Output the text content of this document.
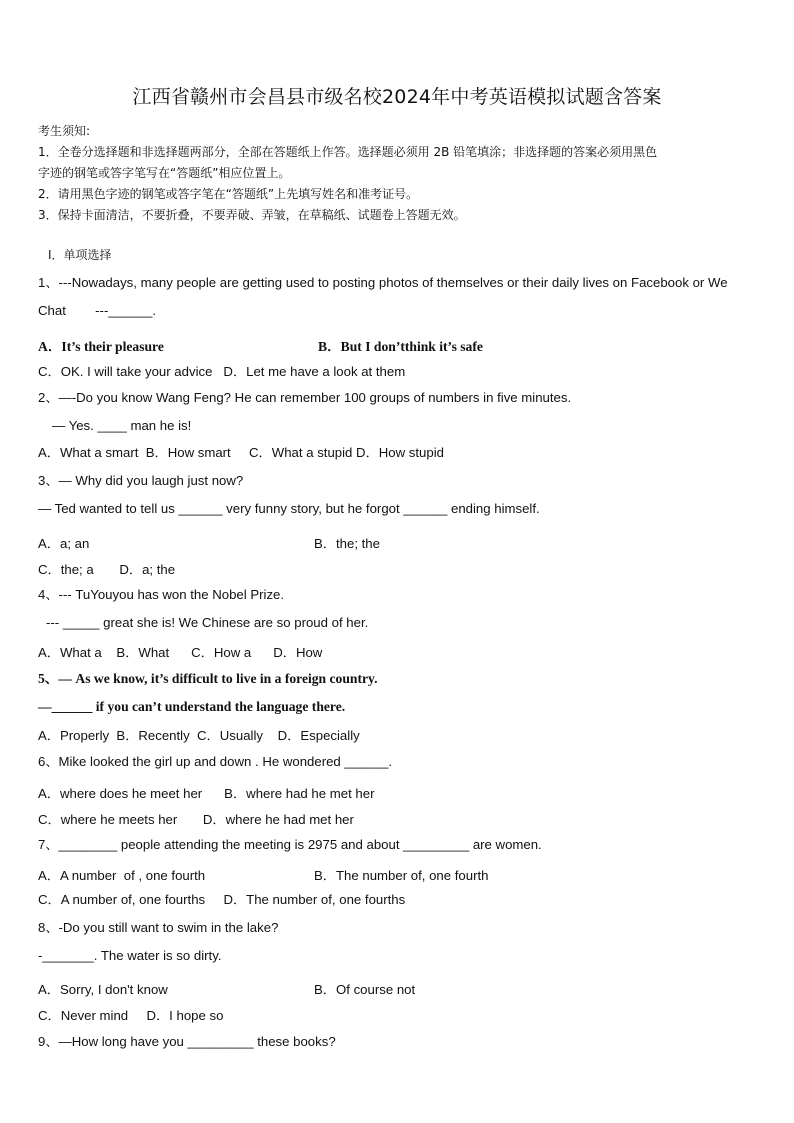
江西省赣州市会昌县市级名校2024年中考英语模拟试题含答案
考生须知:
1．全卷分选择题和非选择题两部分，全部在答题纸上作答。选择题必须用 2B 铅笔填涂；非选择题的答案必须用黑色
字迹的钢笔或答字笔写在“答题纸”相应位置上。
2．请用黑色字迹的钢笔或答字笔在“答题纸”上先填写姓名和准考证号。
3．保持卡面清洁，不要折叠，不要弄破、弄皱，在草稿纸、试题卷上答题无效。
Ⅰ．单项选择
1、---Nowadays, many people are getting used to posting photos of themselves or their daily lives on Facebook or We
Chat        ---______.
A．It’s their pleasure	B．But I don’tthink it’s safe
C．OK. I will take your advice   D．Let me have a look at them
2、—-Do you know Wang Feng? He can remember 100 groups of numbers in five minutes.
— Yes. ____ man he is!
A．What a smart  B．How smart     C．What a stupid D．How stupid
3、— Why did you laugh just now?
— Ted wanted to tell us ______ very funny story, but he forgot ______ ending himself.
A．a; an	B．the; the
C．the; a       D．a; the
4、--- TuYouyou has won the Nobel Prize.
--- _____ great she is! We Chinese are so proud of her.
A．What a    B．What      C．How a      D．How
5、— As we know, it’s difficult to live in a foreign country.
—______ if you can’t understand the language there.
A．Properly  B．Recently  C．Usually    D．Especially
6、Mike looked the girl up and down . He wondered ______.
A．where does he meet her      B．where had he met her
C．where he meets her       D．where he had met her
7、________ people attending the meeting is 2975 and about _________ are women.
A．A number  of , one fourth	B．The number of, one fourth
C．A number of, one fourths     D．The number of, one fourths
8、-Do you still want to swim in the lake?
-_______. The water is so dirty.
A．Sorry, I don't know	B．Of course not
C．Never mind     D．I hope so
9、—How long have you _________ these books?
